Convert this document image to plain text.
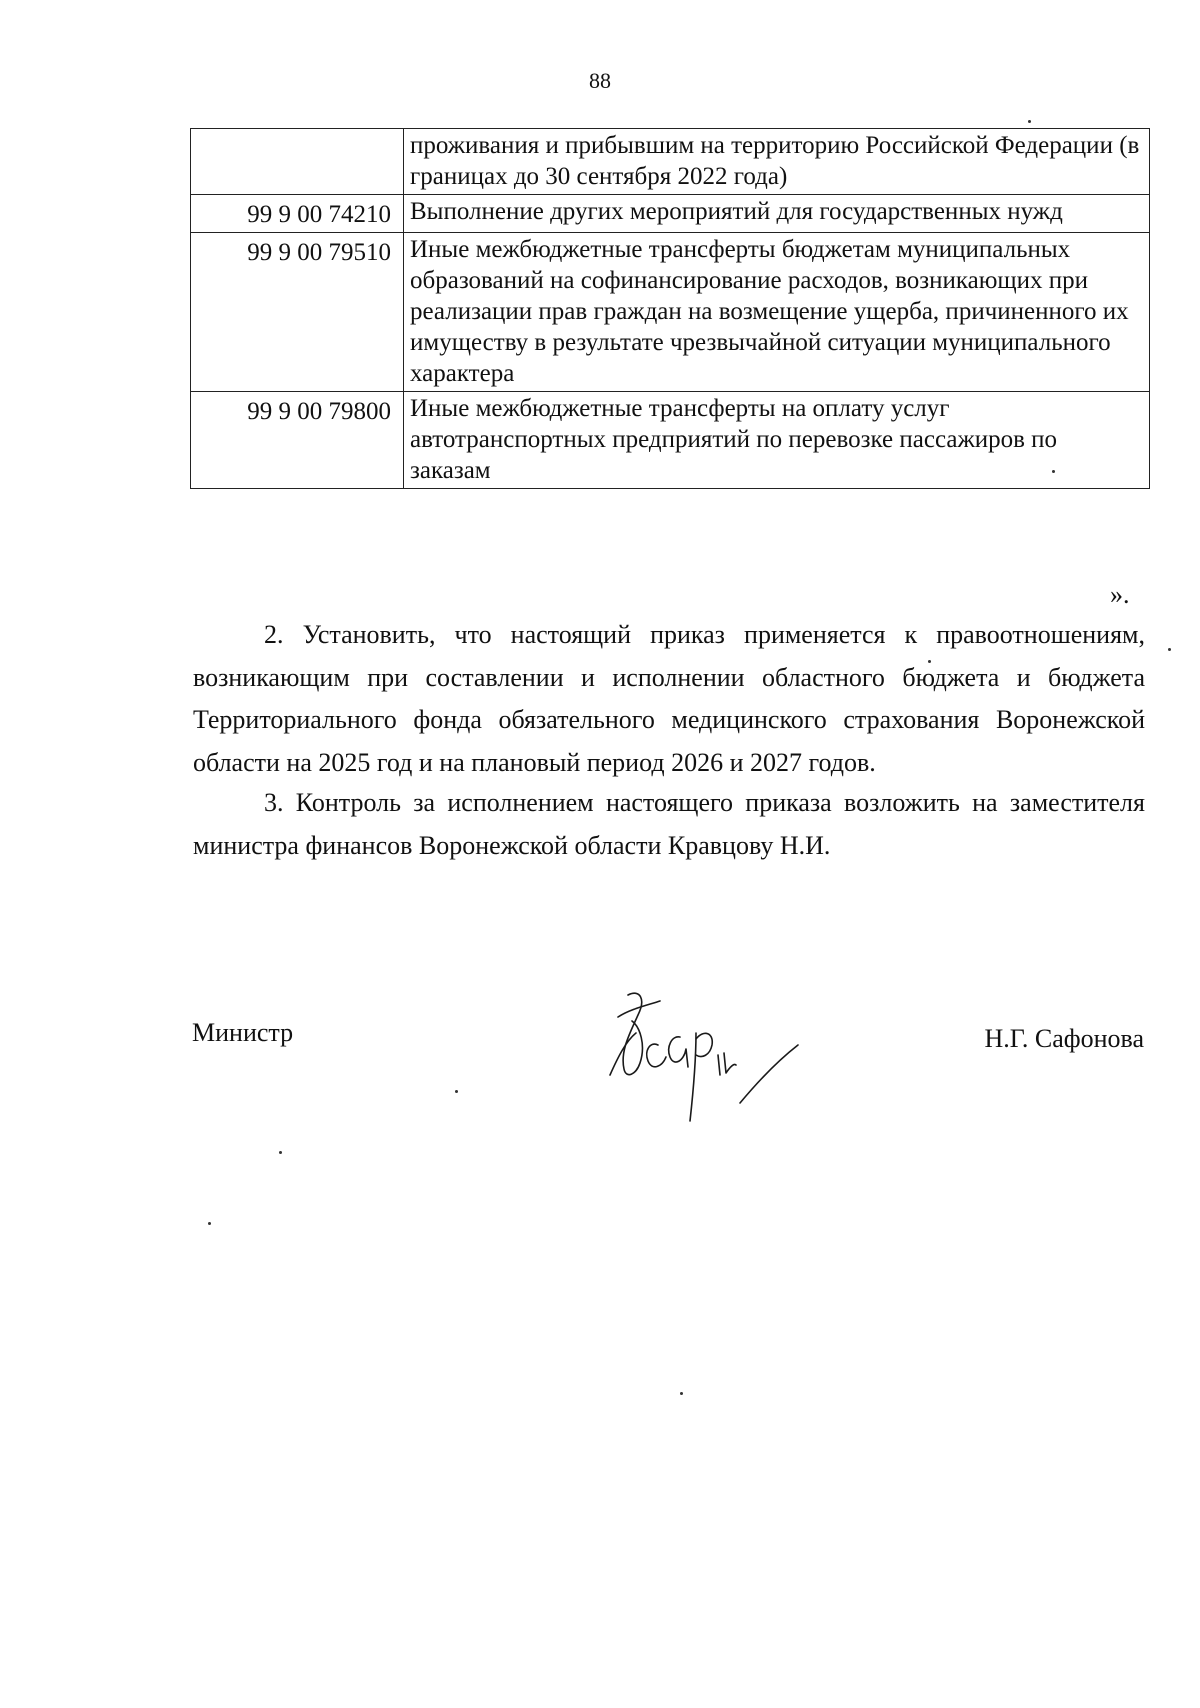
88
	проживания и прибывшим на территорию Российской Федерации (в границах до 30 сентября 2022 года)
99 9 00 74210	Выполнение других мероприятий для государственных нужд
99 9 00 79510	Иные межбюджетные трансферты бюджетам муниципальных образований на софинансирование расходов, возникающих при реализации прав граждан на возмещение ущерба, причиненного их имуществу в результате чрезвычайной ситуации муниципального характера
99 9 00 79800	Иные межбюджетные трансферты на оплату услуг автотранспортных предприятий по перевозке пассажиров по заказам
».
2. Установить, что настоящий приказ применяется к правоотношениям, возникающим при составлении и исполнении областного бюджета и бюджета Территориального фонда обязательного медицинского страхования Воронежской области на 2025 год и на плановый период 2026 и 2027 годов.
3. Контроль за исполнением настоящего приказа возложить на заместителя министра финансов Воронежской области Кравцову Н.И.
Министр	Н.Г. Сафонова
